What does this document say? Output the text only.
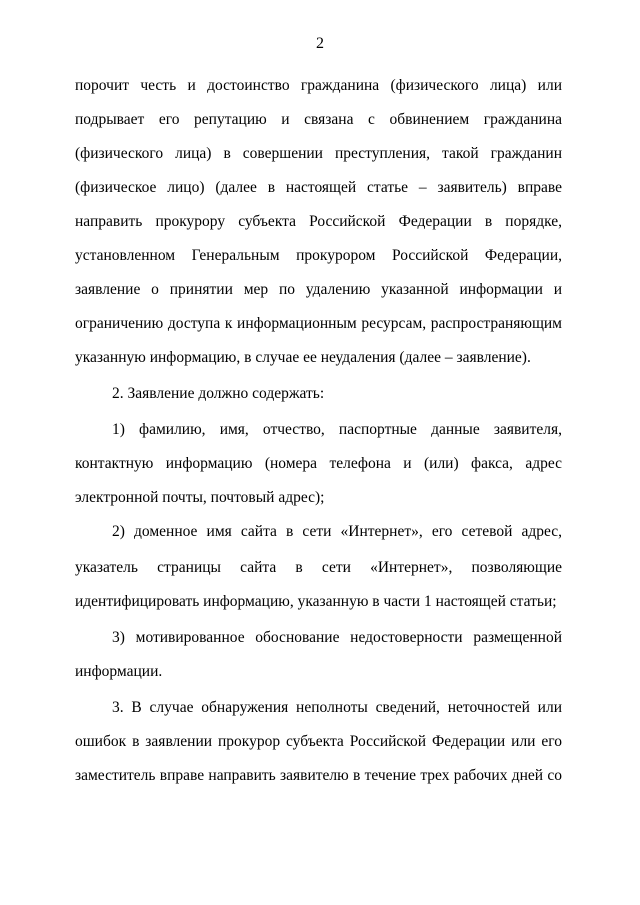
2
порочит честь и достоинство гражданина (физического лица) или
подрывает его репутацию и связана с обвинением гражданина
(физического лица) в совершении преступления, такой гражданин
(физическое лицо) (далее в настоящей статье – заявитель) вправе
направить прокурору субъекта Российской Федерации в порядке,
установленном Генеральным прокурором Российской Федерации,
заявление о принятии мер по удалению указанной информации и
ограничению доступа к информационным ресурсам, распространяющим
указанную информацию, в случае ее неудаления (далее – заявление).
2. Заявление должно содержать:
1) фамилию, имя, отчество, паспортные данные заявителя,
контактную информацию (номера телефона и (или) факса, адрес
электронной почты, почтовый адрес);
2) доменное имя сайта в сети «Интернет», его сетевой адрес,
указатель страницы сайта в сети «Интернет», позволяющие
идентифицировать информацию, указанную в части 1 настоящей статьи;
3) мотивированное обоснование недостоверности размещенной
информации.
3. В случае обнаружения неполноты сведений, неточностей или
ошибок в заявлении прокурор субъекта Российской Федерации или его
заместитель вправе направить заявителю в течение трех рабочих дней со
